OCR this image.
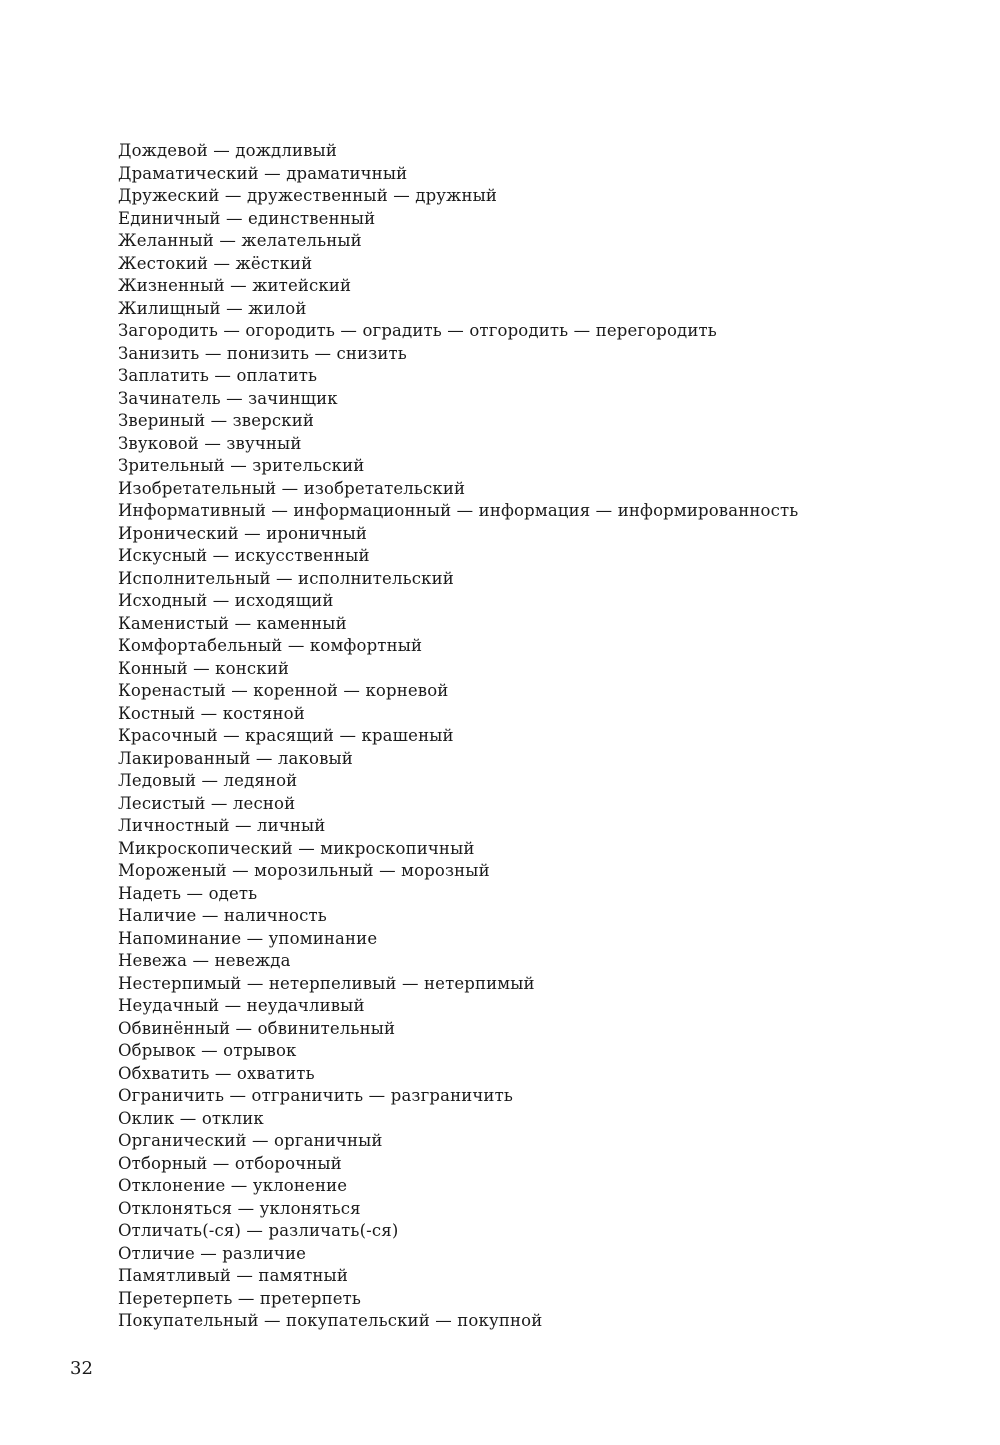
Дождевой — дождливый
Драматический — драматичный
Дружеский — дружественный — дружный
Единичный — единственный
Желанный — желательный
Жестокий — жёсткий
Жизненный — житейский
Жилищный — жилой
Загородить — огородить — оградить — отгородить — перегородить
Занизить — понизить — снизить
Заплатить — оплатить
Зачинатель — зачинщик
Звериный — зверский
Звуковой — звучный
Зрительный — зрительский
Изобретательный — изобретательский
Информативный — информационный — информация — информированность
Иронический — ироничный
Искусный — искусственный
Исполнительный — исполнительский
Исходный — исходящий
Каменистый — каменный
Комфортабельный — комфортный
Конный — конский
Коренастый — коренной — корневой
Костный — костяной
Красочный — красящий — крашеный
Лакированный — лаковый
Ледовый — ледяной
Лесистый — лесной
Личностный — личный
Микроскопический — микроскопичный
Мороженый — морозильный — морозный
Надеть — одеть
Наличие — наличность
Напоминание — упоминание
Невежа — невежда
Нестерпимый — нетерпеливый — нетерпимый
Неудачный — неудачливый
Обвинённый — обвинительный
Обрывок — отрывок
Обхватить — охватить
Ограничить — отграничить — разграничить
Оклик — отклик
Органический — органичный
Отборный — отборочный
Отклонение — уклонение
Отклоняться — уклоняться
Отличать(-ся) — различать(-ся)
Отличие — различие
Памятливый — памятный
Перетерпеть — претерпеть
Покупательный — покупательский — покупной
32
